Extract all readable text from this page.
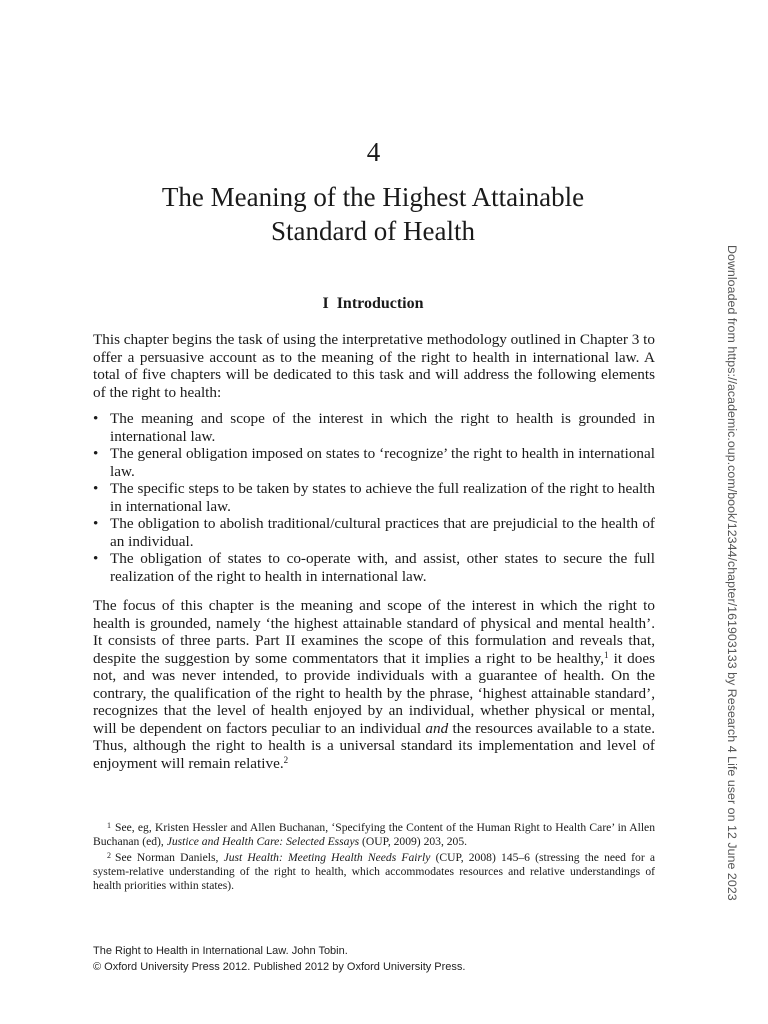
4
The Meaning of the Highest Attainable
Standard of Health
I Introduction

This chapter begins the task of using the interpretative methodology outlined in Chapter 3 to offer a persuasive account as to the meaning of the right to health in international law. A total of five chapters will be dedicated to this task and will address the following elements of the right to health:

• The meaning and scope of the interest in which the right to health is grounded in international law.
• The general obligation imposed on states to ‘recognize’ the right to health in international law.
• The specific steps to be taken by states to achieve the full realization of the right to health in international law.
• The obligation to abolish traditional/cultural practices that are prejudicial to the health of an individual.
• The obligation of states to co-operate with, and assist, other states to secure the full realization of the right to health in international law.

The focus of this chapter is the meaning and scope of the interest in which the right to health is grounded, namely ‘the highest attainable standard of physical and mental health’. It consists of three parts. Part II examines the scope of this formulation and reveals that, despite the suggestion by some commentators that it implies a right to be healthy,$^1$ it does not, and was never intended, to provide individuals with a guarantee of health. On the contrary, the qualification of the right to health by the phrase, ‘highest attainable standard’, recognizes that the level of health enjoyed by an individual, whether physical or mental, will be dependent on factors peculiar to an individual and the resources available to a state. Thus, although the right to health is a universal standard its implementation and level of enjoyment will remain relative.$^2$

$^1$ See, eg, Kristen Hessler and Allen Buchanan, ‘Specifying the Content of the Human Right to Health Care’ in Allen Buchanan (ed), Justice and Health Care: Selected Essays (OUP, 2009) 203, 205.

$^2$ See Norman Daniels, Just Health: Meeting Health Needs Fairly (CUP, 2008) 145–6 (stressing the need for a system-relative understanding of the right to health, which accommodates resources and relative understandings of health priorities within states).

The Right to Health in International Law. John Tobin.
© Oxford University Press 2012. Published 2012 by Oxford University Press.
Downloaded from https://academic.oup.com/book/12344/chapter/161903133 by Research 4 Life user on 12 June 2023
